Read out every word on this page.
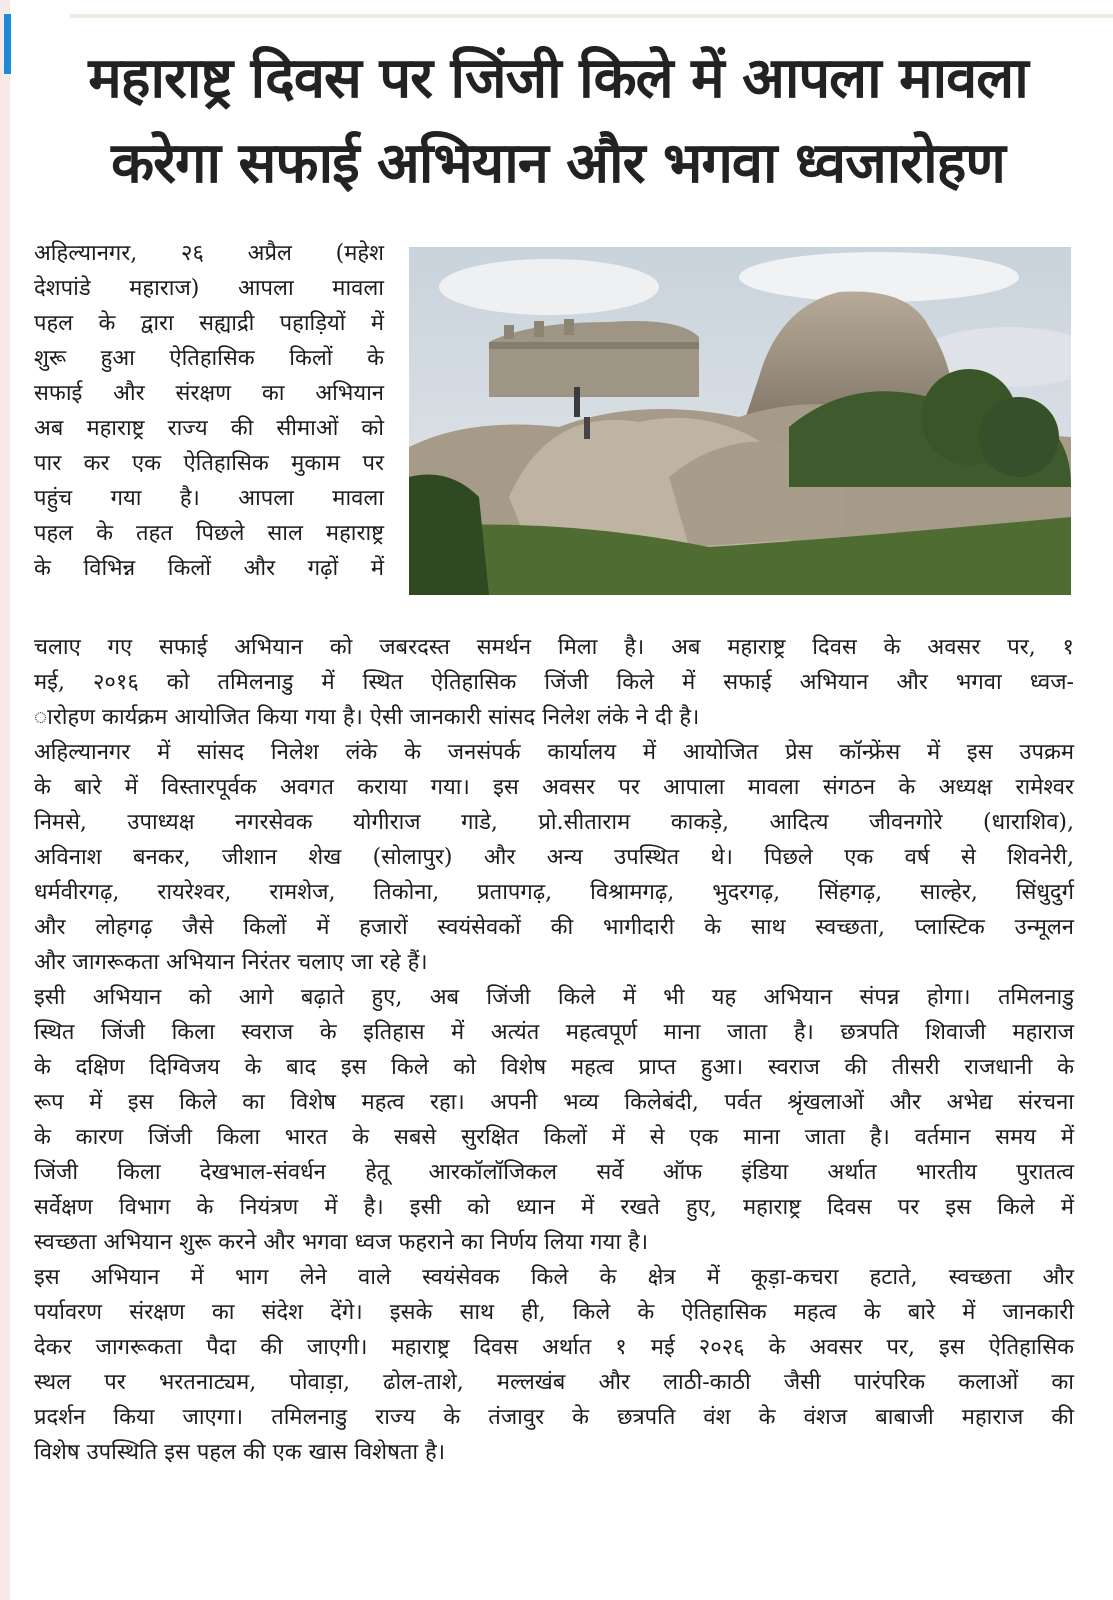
महाराष्ट्र दिवस पर जिंजी किले में आपला मावला
करेगा सफाई अभियान और भगवा ध्वजारोहण
अहिल्यानगर, २६ अप्रैल (महेश
देशपांडे महाराज) आपला मावला
पहल के द्वारा सह्याद्री पहाड़ियों में
शुरू हुआ ऐतिहासिक किलों के
सफाई और संरक्षण का अभियान
अब महाराष्ट्र राज्य की सीमाओं को
पार कर एक ऐतिहासिक मुकाम पर
पहुंच गया है। आपला मावला
पहल के तहत पिछले साल महाराष्ट्र
के विभिन्न किलों और गढ़ों में
चलाए गए सफाई अभियान को जबरदस्त समर्थन मिला है। अब महाराष्ट्र दिवस के अवसर पर, १
मई, २०१६ को तमिलनाडु में स्थित ऐतिहासिक जिंजी किले में सफाई अभियान और भगवा ध्वज-
ारोहण कार्यक्रम आयोजित किया गया है। ऐसी जानकारी सांसद निलेश लंके ने दी है।
अहिल्यानगर में सांसद निलेश लंके के जनसंपर्क कार्यालय में आयोजित प्रेस कॉन्फ्रेंस में इस उपक्रम
के बारे में विस्तारपूर्वक अवगत कराया गया। इस अवसर पर आपाला मावला संगठन के अध्यक्ष रामेश्वर
निमसे, उपाध्यक्ष नगरसेवक योगीराज गाडे, प्रो.सीताराम काकड़े, आदित्य जीवनगोरे (धाराशिव),
अविनाश बनकर, जीशान शेख (सोलापुर) और अन्य उपस्थित थे। पिछले एक वर्ष से शिवनेरी,
धर्मवीरगढ़, रायरेश्वर, रामशेज, तिकोना, प्रतापगढ़, विश्रामगढ़, भुदरगढ़, सिंहगढ़, साल्हेर, सिंधुदुर्ग
और लोहगढ़ जैसे किलों में हजारों स्वयंसेवकों की भागीदारी के साथ स्वच्छता, प्लास्टिक उन्मूलन
और जागरूकता अभियान निरंतर चलाए जा रहे हैं।
इसी अभियान को आगे बढ़ाते हुए, अब जिंजी किले में भी यह अभियान संपन्न होगा। तमिलनाडु
स्थित जिंजी किला स्वराज के इतिहास में अत्यंत महत्वपूर्ण माना जाता है। छत्रपति शिवाजी महाराज
के दक्षिण दिग्विजय के बाद इस किले को विशेष महत्व प्राप्त हुआ। स्वराज की तीसरी राजधानी के
रूप में इस किले का विशेष महत्व रहा। अपनी भव्य किलेबंदी, पर्वत श्रृंखलाओं और अभेद्य संरचना
के कारण जिंजी किला भारत के सबसे सुरक्षित किलों में से एक माना जाता है। वर्तमान समय में
जिंजी किला देखभाल-संवर्धन हेतू आरकॉलॉजिकल सर्वे ऑफ इंडिया अर्थात भारतीय पुरातत्व
सर्वेक्षण विभाग के नियंत्रण में है। इसी को ध्यान में रखते हुए, महाराष्ट्र दिवस पर इस किले में
स्वच्छता अभियान शुरू करने और भगवा ध्वज फहराने का निर्णय लिया गया है।
इस अभियान में भाग लेने वाले स्वयंसेवक किले के क्षेत्र में कूड़ा-कचरा हटाते, स्वच्छता और
पर्यावरण संरक्षण का संदेश देंगे। इसके साथ ही, किले के ऐतिहासिक महत्व के बारे में जानकारी
देकर जागरूकता पैदा की जाएगी। महाराष्ट्र दिवस अर्थात १ मई २०२६ के अवसर पर, इस ऐतिहासिक
स्थल पर भरतनाट्यम, पोवाड़ा, ढोल-ताशे, मल्लखंब और लाठी-काठी जैसी पारंपरिक कलाओं का
प्रदर्शन किया जाएगा। तमिलनाडु राज्य के तंजावुर के छत्रपति वंश के वंशज बाबाजी महाराज की
विशेष उपस्थिति इस पहल की एक खास विशेषता है।
